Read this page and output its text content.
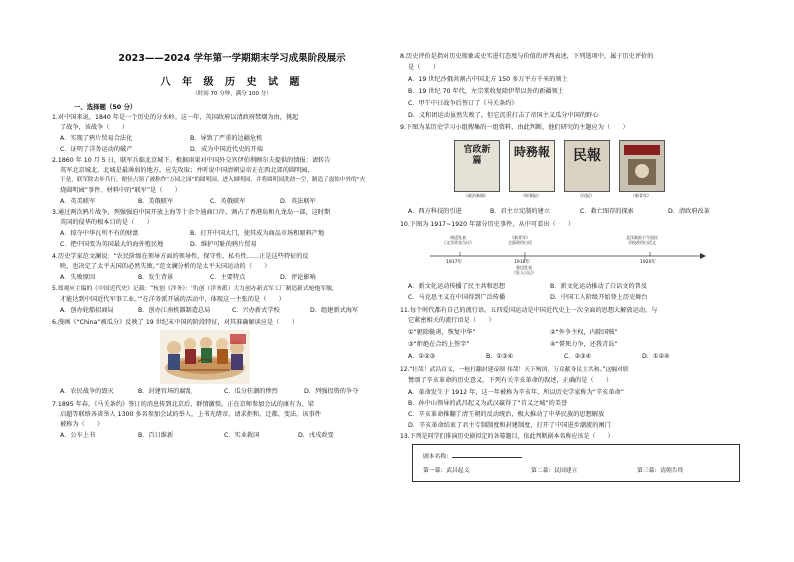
2023——2024 学年第一学期期末学习成果阶段展示
八 年 级 历 史 试 题
（时间 70 分钟，满分 100 分）
一、选择题（50 分）
1.对中国来说，1840 年是一个历史的分水岭。这一年，英国政府以清政府禁烟为由，挑起
了战争，该战争（　　）
A．实现了鸦片贸易合法化	B．导致了严重的边疆危机
C．证明了洋务运动的破产	D．成为中国近代史的开端
2.1860 年 10 月 5 日，联军兵临北京城下。根据雨果对中国外交官伊伯利顾尔夫提供的情报：请转告
英军北京城北，北城是最薄弱的地方。应先攻取；并听说中国清朝皇帝正在西北郊的圆明园，
于是，联军除去步兵行，便径占领了被称作“万园之园”的圆明园。进入圆明园，并将圆明园洗劫一空，制造了震惊中外的“火
烧圆明园”事件。材料中的“联军”是（　　）
A．英美联军	B．美俄联军	C．英俄联军	D．英法联军
3.通过两次鸦片战争，列强强迫中国开放上海等十余个通商口岸，割占了香港岛和九龙岛一部，这时期
英国的侵华的根本目的是（　　）
A．掠夺中华瓦所不有的财富	B．打开中国大门，使其成为商品市场和原料产地
C．把中国变为英国最大的海外殖民地	D．维护可耻的鸦片贸易
4.历史学家范文澜说：“农民阶级在领导方面的领导性、保守性、私有性……正是这些特征的反
映，也决定了太平天国的必然失败。”范文澜分析的是太平天国运动的（　　）
A．失败原因	B．发生背景	C．主要特点	D．评论影响
5.郑观应主编的《中国近代史》记载：“杭创《洋务》：‘仇创（洋务派）大力创办新式军工厂制造新式枪炮军舰，
才能达到中国近代军事工业。’”在洋务派开展的活动中，体现这一主张的是（　　）
A．创办轮船招商局	B．创办江南机器制造总局	C．兴办新式学校	D．组建新式海军
6.漫画《“China”被瓜分》反映了 19 世纪末中国的阶段特征，对其准确解读应是（　　）
A．农民战争的毁灭	B．封建官场的腐乱	C．瓜分狂潮的惨烈	D．列强投资的争夺
7.1895 年春，《马关条约》签订的消息传到北京后，群情激愤。正在京师参加会试的康有为、梁
启超等联络各省举人 1300 多名参加会试的举人，上书光绪帝，请求拒和、迁都、变法。该事件
被称为（　　）
A．公车上书	B．百日维新	C．实业救国	D．戊戌政变
8.历史评价是指对历史现象或史实进行态度与价值的评判表述，下列选项中，属于历史评价的
是（　　）
A．19 世纪沙俄共割占中国北方 150 多万平方千米的领土
B．19 世纪 70 年代，左宗棠收复除伊犁以外的新疆领土
C．甲午中日战争后签订了《马关条约》
D．义和团运动虽然失败了，但它沉重打击了帝国主义瓜分中国的野心
9.下图为某历史学习小组搜集的一组资料，由此判断，他们研究的主题应为（　　）
官政新篇
《政治新闻》
時務報
《时务报》
民報
《民报》	《新青年》
A．西方科技的引进	B．君主立宪制的建立	C．救亡图存的探索	D．清政府改革
10.下图为 1917~1920 年部分历史事件，从中可看出（　　）
胡适发表
《文学改良刍议》
《新青年》
全面改用白话
北洋政府下令国民
学校改用白话文
1917年	1918年
鲁迅发表
《狂人日记》
1920年
A．新文化运动传播了民主共和思想	B．新文化运动推动了白话文的普及
C．马克思主义在中国得到广泛传播	D．中国工人阶级开始登上历史舞台
11.每个时代都有自己的流行语。五四爱国运动是中国近代史上一次全面的思想大解放运动，与
它紧密相关的流行语是（　　）
①“驱除鞑虏，恢复中华”	②“外争主权，内除国贼”
③“拒绝在合约上签字”	④“誓死力争，还我青岛”
A．①②③	B．①③④	C．②③④	D．①②④
12.“壮哉！武昌首义，一枪打翻封建帝制 伟哉！天下殉国，万众献身民主共和。”这幅对联
赞颂了辛亥革命的历史意义。下列有关辛亥革命的叙述，正确的是（　　）
A．革命发生于 1912 年，这一年被称为辛亥年，所以历史学家称为“辛亥革命”
B．孙中山领导的武昌起义为武汉赢得了“首义之城”的美誉
C．辛亥革命推翻了清王朝的反动统治，极大推动了中华民族的思想解放
D．辛亥革命结束了君主专制制度和封建制度，打开了中国进步潮流的闸门
13.下列是同学们排演历史剧拟定的各幕题目，依此判断剧本名称应该是（　　）
剧本名称：
第一幕：武昌起义	第二幕：民国建立	第三幕：清朝告终
